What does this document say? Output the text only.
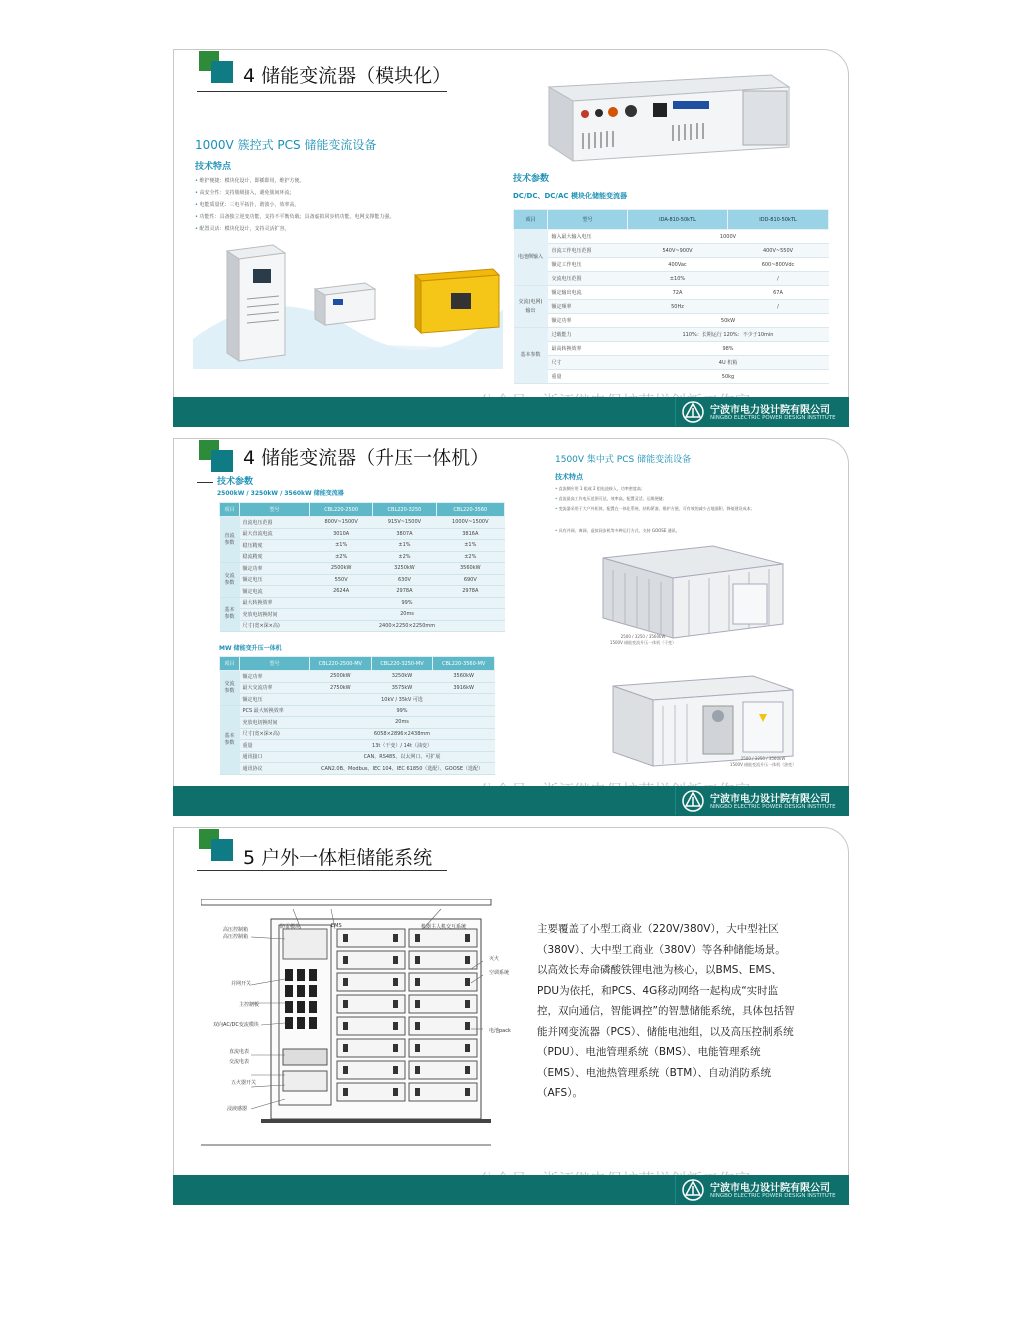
4 储能变流器（模块化）
1000V 簇控式 PCS 储能变流设备
技术特点
• 维护便捷：模块化设计，即插即用，维护方便。
• 高安全性：支持簇级接入，避免簇间环流；
• 电能质量优：三电平拓扑，谐波小，效率高。
• 功能性：具备独立逆变功能，支持不平衡负载；具备虚拟同步机功能，电网支撑能力强。
• 配置灵活：模块化设计，支持灵活扩容。
技术参数
DC/DC、DC/AC 模块化储能变流器
项目	型号	IDA-810-50kTL	IDD-810-50kTL
电池侧输入	输入最大输入电压	1000V	
	直流工作电压范围	540V~900V	400V~550V
	额定工作电压	400Vac	600~800Vdc
	交流电压范围	±10%	/
交流(电网)输出	额定输出电流	72A	67A
	额定频率	50Hz	/
	额定功率	50kW	
基本参数	过载能力	110%：长期运行 120%：不少于10min	
	最高转换效率	98%	
	尺寸	4U 机箱	
	重量	50kg	
宁波市电力设计院有限公司
NINGBO ELECTRIC POWER DESIGN INSTITUTE
4 储能变流器（升压一体机）
技术参数
2500kW / 3250kW / 3560kW 储能变流器
项目	型号	CBL220-2500	CBL220-3250	CBL220-3560
直流参数	直流电压范围	800V~1500V	915V~1500V	1000V~1500V
	最大直流电流	3010A	3807A	3816A
	稳压精度	±1%	±1%	±1%
	稳流精度	±2%	±2%	±2%
交流参数	额定功率	2500kW	3250kW	3560kW
	额定电压	550V	630V	690V
	额定电流	2624A	2978A	2978A
基本参数	最大转换效率	99%		
	充放电切换时间	20ms		
	尺寸(宽×深×高)	2400×2250×2250mm		
MW 储能变升压一体机
项目	型号	CBL220-2500-MV	CBL220-3250-MV	CBL220-3560-MV
交流参数	额定功率	2500kW	3250kW	3560kW
	最大交流功率	2750kW	3575kW	3916kW
	额定电压	10kV / 35kV 可选		
基本参数	PCS 最大转换效率	99%		
	充放电切换时间	20ms		
	尺寸(宽×深×高)	6058×2896×2438mm		
	重量	13t（干变）/ 14t（油变）		
	通讯接口	CAN、RS485、以太网口、可扩展		
	通讯协议	CAN2.0B、Modbus、IEC 104、IEC 61850（选配）、GOOSE（选配）		
1500V 集中式 PCS 储能变流设备
技术特点
• 直流侧应用 1 组或 2 组电池接入，功率密度高；
• 直流最高工作电压范围可达，效率高，配置灵活，运维便捷；
• 变流器采用于大户外柜体，配置在一体化系统，结构紧凑，维护方便，可有效的减少占地面积，降低建设成本；
• 具有并网、离网、虚拟同步机等多种运行方式，支持 GOOSE 通讯。
2500 / 3250 / 3560kW
1500V 储能变流升压一体机（干变）
2500 / 3250 / 3560kW
1500V 储能变流升压一体机（油变）
宁波市电力设计院有限公司
NINGBO ELECTRIC POWER DESIGN INSTITUTE
5 户外一体柜储能系统
高压控制箱
高压控制箱
并网开关
主控制板
双向AC/DC变流模块
直流电表
交流电表
五火器开关
浸液感器
防雷模块	EMS	机器主人机交互系统
灭火
空调系统
电池pack
主要覆盖了小型工商业（220V/380V），大中型社区（380V）、大中型工商业（380V）等各种储能场景。
以高效长寿命磷酸铁锂电池为核心，以BMS、EMS、PDU为依托，和PCS、4G移动网络一起构成“实时监控，双向通信，智能调控”的智慧储能系统，具体包括智能并网变流器（PCS）、储能电池组，以及高压控制系统（PDU）、电池管理系统（BMS）、电能管理系统（EMS）、电池热管理系统（BTM）、自动消防系统（AFS）。
宁波市电力设计院有限公司
NINGBO ELECTRIC POWER DESIGN INSTITUTE
